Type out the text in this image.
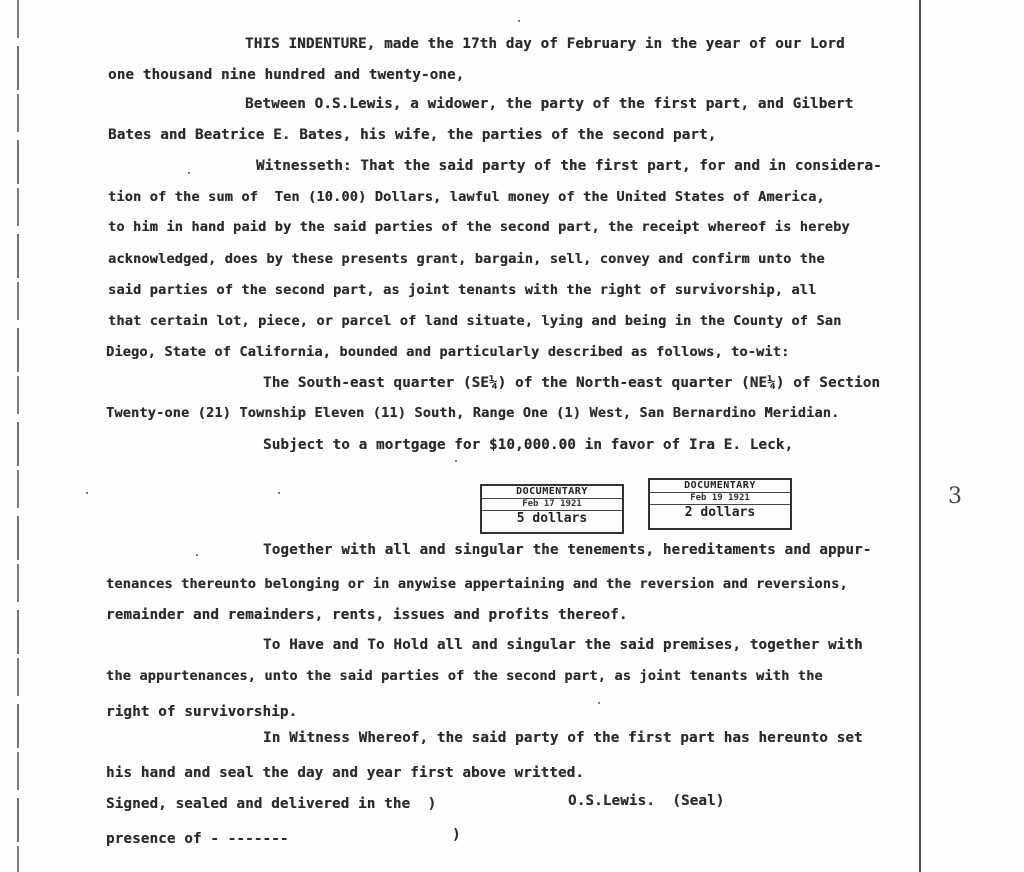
THIS INDENTURE, made the 17th day of February in the year of our Lord
one thousand nine hundred and twenty-one,
Between O.S.Lewis, a widower, the party of the first part, and Gilbert
Bates and Beatrice E. Bates, his wife, the parties of the second part,
Witnesseth: That the said party of the first part, for and in considera-
tion of the sum of  Ten (10.00) Dollars, lawful money of the United States of America,
to him in hand paid by the said parties of the second part, the receipt whereof is hereby
acknowledged, does by these presents grant, bargain, sell, convey and confirm unto the
said parties of the second part, as joint tenants with the right of survivorship, all
that certain lot, piece, or parcel of land situate, lying and being in the County of San
Diego, State of California, bounded and particularly described as follows, to-wit:
The South-east quarter (SE¼) of the North-east quarter (NE¼) of Section
Twenty-one (21) Township Eleven (11) South, Range One (1) West, San Bernardino Meridian.
Subject to a mortgage for $10,000.00 in favor of Ira E. Leck,
DOCUMENTARY
Feb 17 1921
5 dollars
DOCUMENTARY
Feb 19 1921
2 dollars
Together with all and singular the tenements, hereditaments and appur-
tenances thereunto belonging or in anywise appertaining and the reversion and reversions,
remainder and remainders, rents, issues and profits thereof.
To Have and To Hold all and singular the said premises, together with
the appurtenances, unto the said parties of the second part, as joint tenants with the
right of survivorship.
In Witness Whereof, the said party of the first part has hereunto set
his hand and seal the day and year first above writted.
Signed, sealed and delivered in the  )	O.S.Lewis.  (Seal)
presence of - -------	)
3
